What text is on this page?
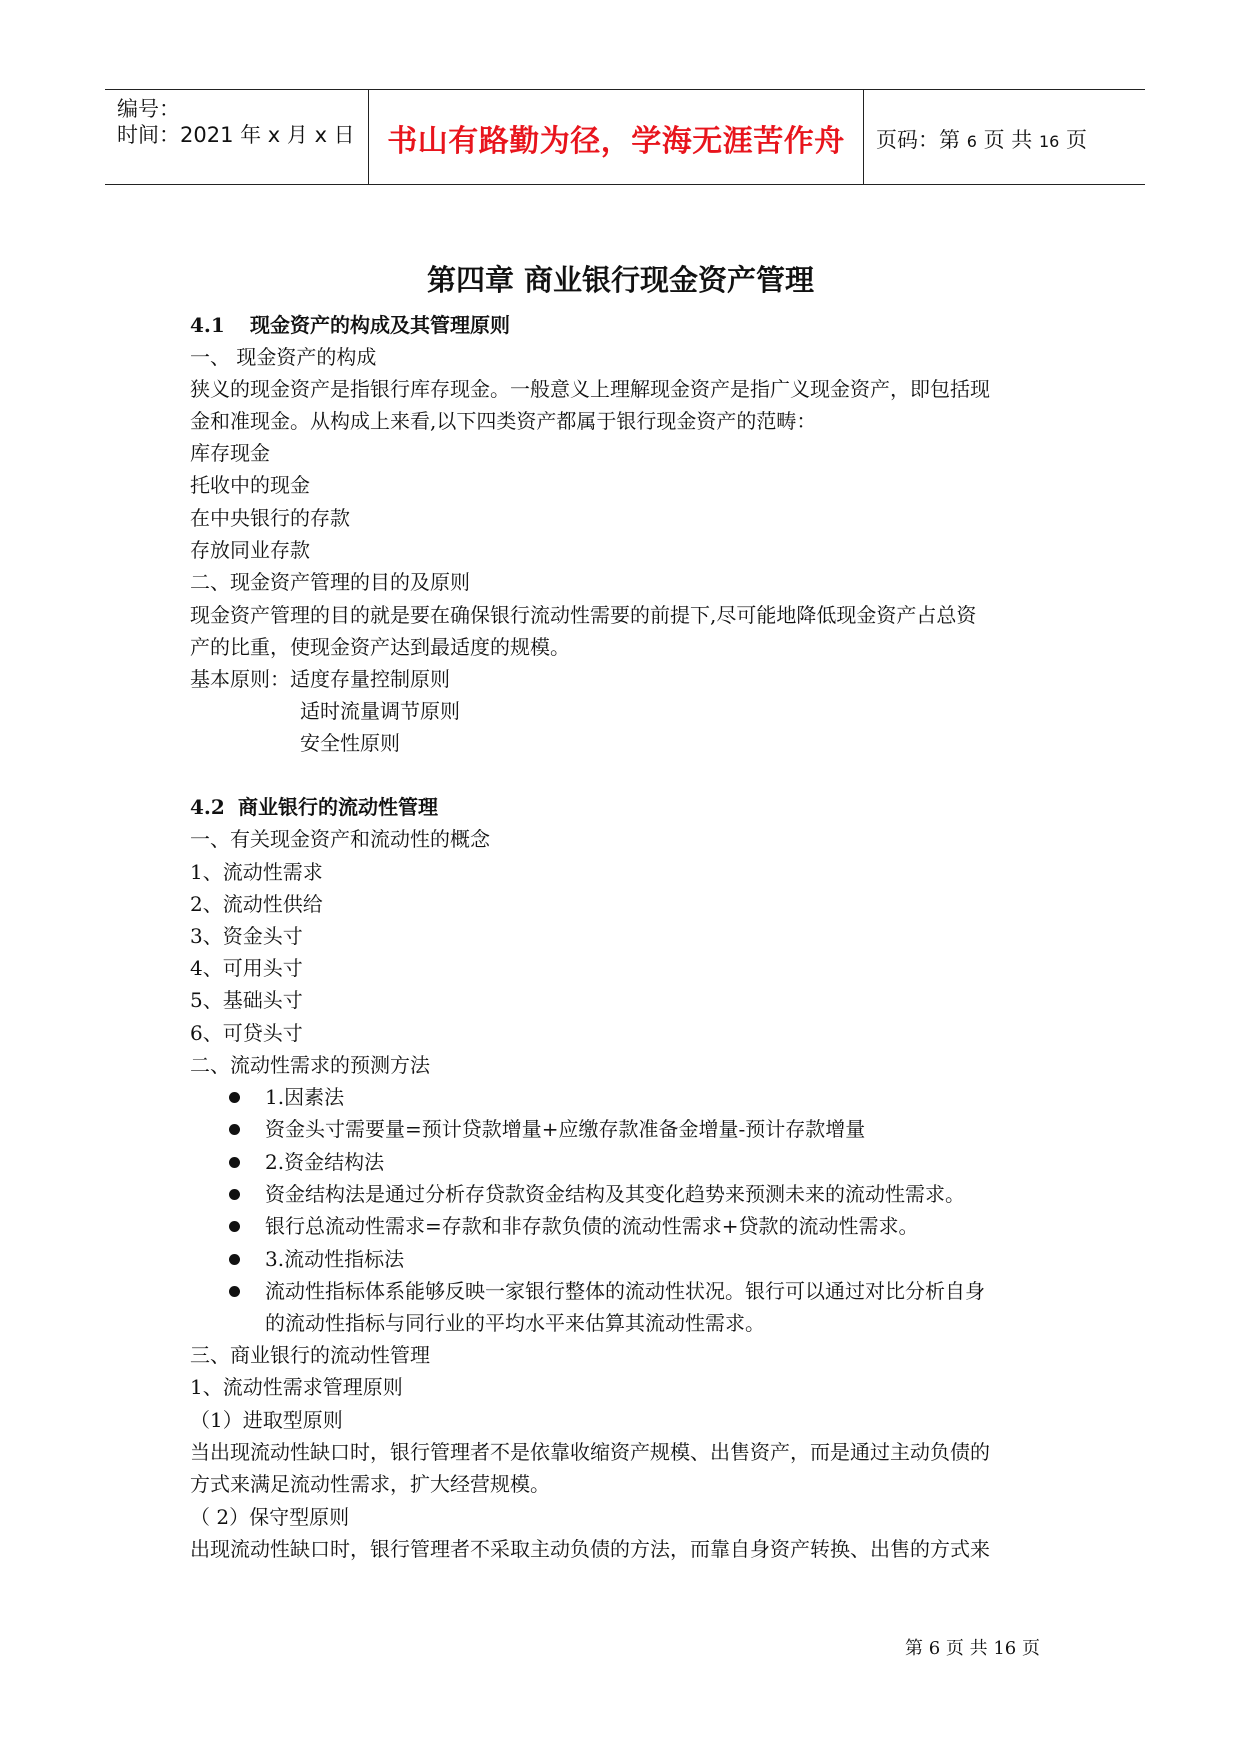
编号：
时间：2021 年 x 月 x 日	书山有路勤为径，学海无涯苦作舟	页码：第 6 页 共 16 页
第四章 商业银行现金资产管理
4.1 现金资产的构成及其管理原则
一、 现金资产的构成
狭义的现金资产是指银行库存现金。一般意义上理解现金资产是指广义现金资产，即包括现
金和准现金。从构成上来看,以下四类资产都属于银行现金资产的范畴：
库存现金
托收中的现金
在中央银行的存款
存放同业存款
二、现金资产管理的目的及原则
现金资产管理的目的就是要在确保银行流动性需要的前提下,尽可能地降低现金资产占总资
产的比重，使现金资产达到最适度的规模。
基本原则：适度存量控制原则
适时流量调节原则
安全性原则
4.2 商业银行的流动性管理
一、有关现金资产和流动性的概念
1、流动性需求
2、流动性供给
3、资金头寸
4、可用头寸
5、基础头寸
6、可贷头寸
二、流动性需求的预测方法
1.因素法
资金头寸需要量=预计贷款增量+应缴存款准备金增量-预计存款增量
2.资金结构法
资金结构法是通过分析存贷款资金结构及其变化趋势来预测未来的流动性需求。
银行总流动性需求=存款和非存款负债的流动性需求+贷款的流动性需求。
3.流动性指标法
流动性指标体系能够反映一家银行整体的流动性状况。银行可以通过对比分析自身
的流动性指标与同行业的平均水平来估算其流动性需求。
三、商业银行的流动性管理
1、流动性需求管理原则
（1）进取型原则
当出现流动性缺口时，银行管理者不是依靠收缩资产规模、出售资产，而是通过主动负债的
方式来满足流动性需求，扩大经营规模。
（ 2）保守型原则
出现流动性缺口时，银行管理者不采取主动负债的方法，而靠自身资产转换、出售的方式来
第 6 页 共 16 页
